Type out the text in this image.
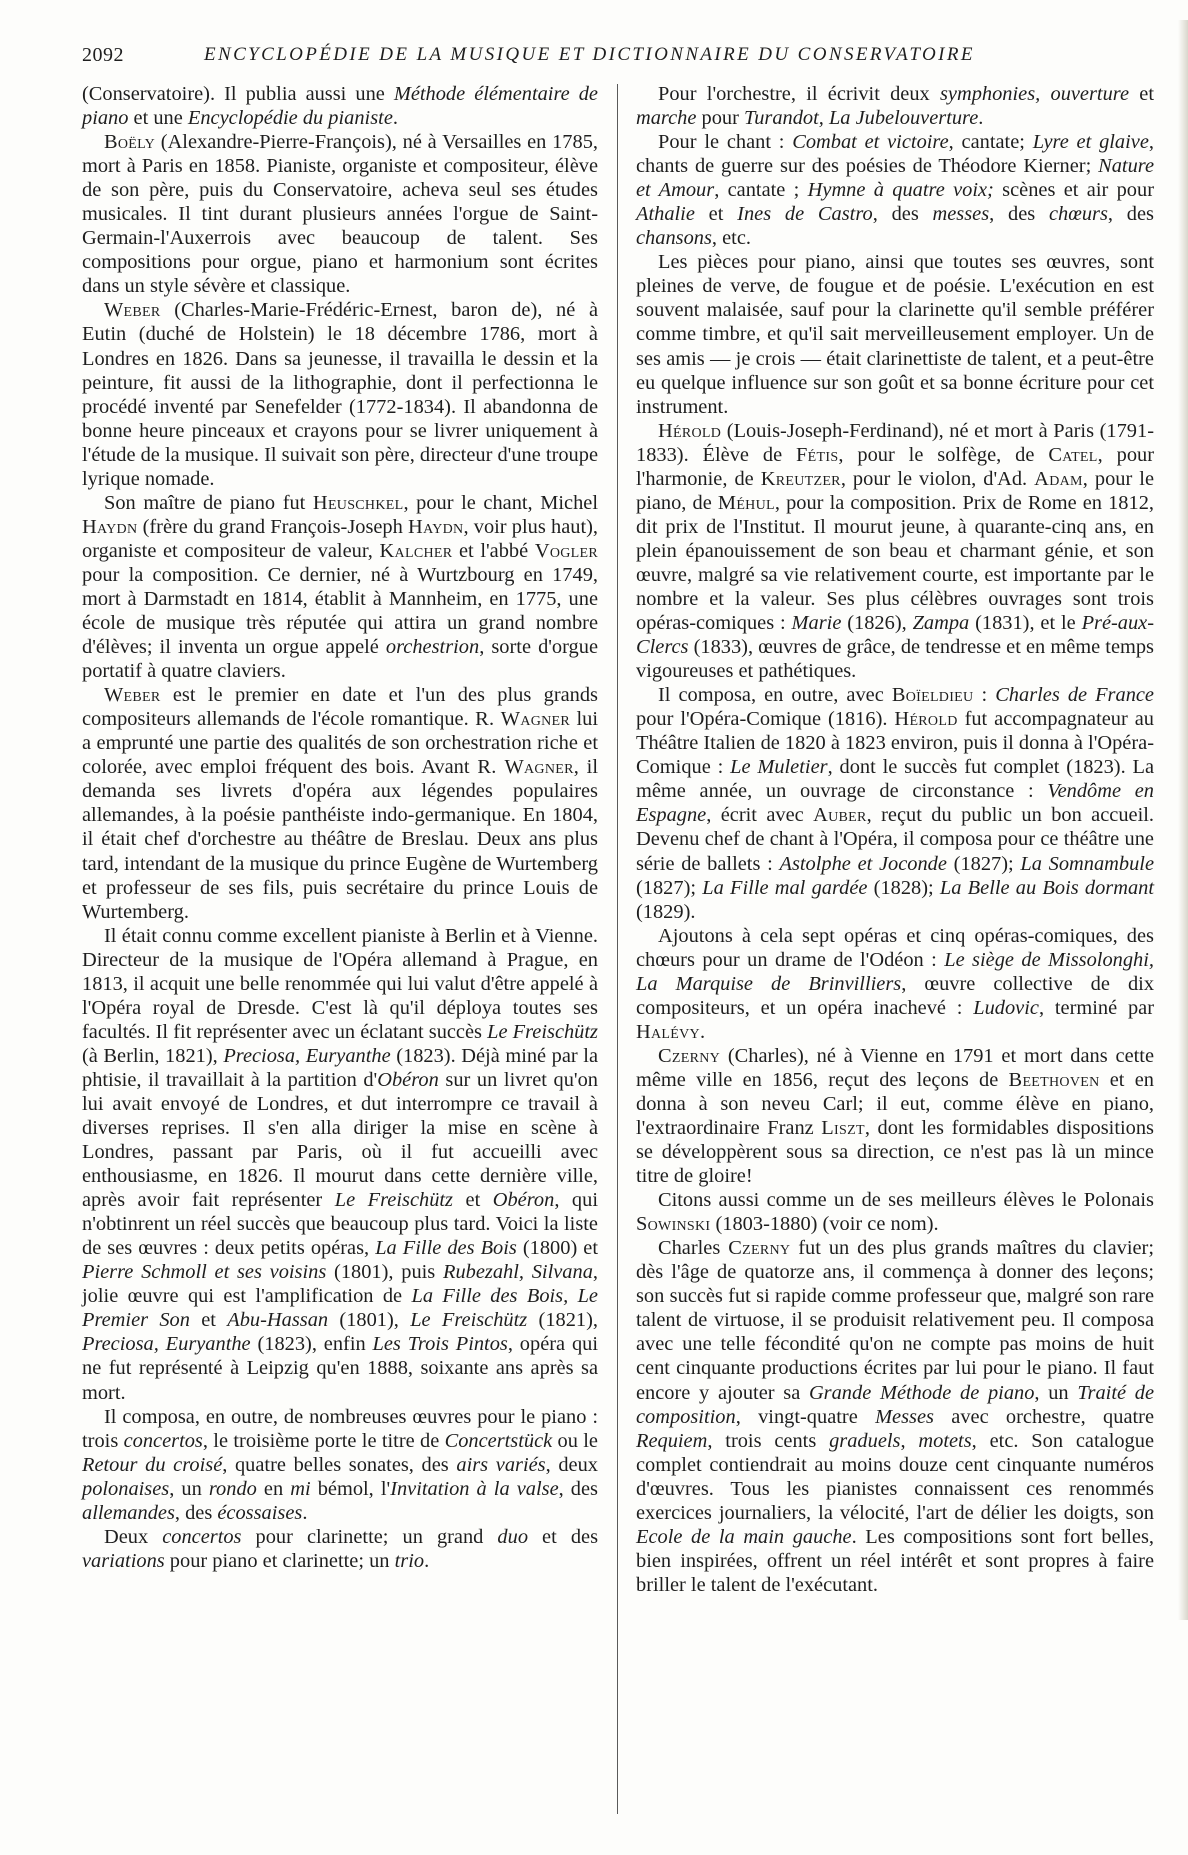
2092	ENCYCLOPÉDIE DE LA MUSIQUE ET DICTIONNAIRE DU CONSERVATOIRE

(Conservatoire). Il publia aussi une Méthode élémentaire de piano et une Encyclopédie du pianiste.

Boëly (Alexandre-Pierre-François), né à Versailles en 1785, mort à Paris en 1858. Pianiste, organiste et compositeur, élève de son père, puis du Conservatoire, acheva seul ses études musicales. Il tint durant plusieurs années l'orgue de Saint-Germain-l'Auxerrois avec beaucoup de talent. Ses compositions pour orgue, piano et harmonium sont écrites dans un style sévère et classique.

Weber (Charles-Marie-Frédéric-Ernest, baron de), né à Eutin (duché de Holstein) le 18 décembre 1786, mort à Londres en 1826. Dans sa jeunesse, il travailla le dessin et la peinture, fit aussi de la lithographie, dont il perfectionna le procédé inventé par Senefelder (1772-1834). Il abandonna de bonne heure pinceaux et crayons pour se livrer uniquement à l'étude de la musique. Il suivait son père, directeur d'une troupe lyrique nomade.

Son maître de piano fut Heuschkel, pour le chant, Michel Haydn (frère du grand François-Joseph Haydn, voir plus haut), organiste et compositeur de valeur, Kalcher et l'abbé Vogler pour la composition. Ce dernier, né à Wurtzbourg en 1749, mort à Darmstadt en 1814, établit à Mannheim, en 1775, une école de musique très réputée qui attira un grand nombre d'élèves; il inventa un orgue appelé orchestrion, sorte d'orgue portatif à quatre claviers.

Weber est le premier en date et l'un des plus grands compositeurs allemands de l'école romantique. R. Wagner lui a emprunté une partie des qualités de son orchestration riche et colorée, avec emploi fréquent des bois. Avant R. Wagner, il demanda ses livrets d'opéra aux légendes populaires allemandes, à la poésie panthéiste indo-germanique. En 1804, il était chef d'orchestre au théâtre de Breslau. Deux ans plus tard, intendant de la musique du prince Eugène de Wurtemberg et professeur de ses fils, puis secrétaire du prince Louis de Wurtemberg.

Il était connu comme excellent pianiste à Berlin et à Vienne. Directeur de la musique de l'Opéra allemand à Prague, en 1813, il acquit une belle renommée qui lui valut d'être appelé à l'Opéra royal de Dresde. C'est là qu'il déploya toutes ses facultés. Il fit représenter avec un éclatant succès Le Freischütz (à Berlin, 1821), Preciosa, Euryanthe (1823). Déjà miné par la phtisie, il travaillait à la partition d'Obéron sur un livret qu'on lui avait envoyé de Londres, et dut interrompre ce travail à diverses reprises. Il s'en alla diriger la mise en scène à Londres, passant par Paris, où il fut accueilli avec enthousiasme, en 1826. Il mourut dans cette dernière ville, après avoir fait représenter Le Freischütz et Obéron, qui n'obtinrent un réel succès que beaucoup plus tard. Voici la liste de ses œuvres : deux petits opéras, La Fille des Bois (1800) et Pierre Schmoll et ses voisins (1801), puis Rubezahl, Silvana, jolie œuvre qui est l'amplification de La Fille des Bois, Le Premier Son et Abu-Hassan (1801), Le Freischütz (1821), Preciosa, Euryanthe (1823), enfin Les Trois Pintos, opéra qui ne fut représenté à Leipzig qu'en 1888, soixante ans après sa mort.

Il composa, en outre, de nombreuses œuvres pour le piano : trois concertos, le troisième porte le titre de Concertstück ou le Retour du croisé, quatre belles sonates, des airs variés, deux polonaises, un rondo en mi bémol, l'Invitation à la valse, des allemandes, des écossaises.

Deux concertos pour clarinette; un grand duo et des variations pour piano et clarinette; un trio.

Pour l'orchestre, il écrivit deux symphonies, ouverture et marche pour Turandot, La Jubelouverture.

Pour le chant : Combat et victoire, cantate; Lyre et glaive, chants de guerre sur des poésies de Théodore Kierner; Nature et Amour, cantate ; Hymne à quatre voix; scènes et air pour Athalie et Ines de Castro, des messes, des chœurs, des chansons, etc.

Les pièces pour piano, ainsi que toutes ses œuvres, sont pleines de verve, de fougue et de poésie. L'exécution en est souvent malaisée, sauf pour la clarinette qu'il semble préférer comme timbre, et qu'il sait merveilleusement employer. Un de ses amis — je crois — était clarinettiste de talent, et a peut-être eu quelque influence sur son goût et sa bonne écriture pour cet instrument.

Hérold (Louis-Joseph-Ferdinand), né et mort à Paris (1791-1833). Élève de Fétis, pour le solfège, de Catel, pour l'harmonie, de Kreutzer, pour le violon, d'Ad. Adam, pour le piano, de Méhul, pour la composition. Prix de Rome en 1812, dit prix de l'Institut. Il mourut jeune, à quarante-cinq ans, en plein épanouissement de son beau et charmant génie, et son œuvre, malgré sa vie relativement courte, est importante par le nombre et la valeur. Ses plus célèbres ouvrages sont trois opéras-comiques : Marie (1826), Zampa (1831), et le Pré-aux-Clercs (1833), œuvres de grâce, de tendresse et en même temps vigoureuses et pathétiques.

Il composa, en outre, avec Boïeldieu : Charles de France pour l'Opéra-Comique (1816). Hérold fut accompagnateur au Théâtre Italien de 1820 à 1823 environ, puis il donna à l'Opéra-Comique : Le Muletier, dont le succès fut complet (1823). La même année, un ouvrage de circonstance : Vendôme en Espagne, écrit avec Auber, reçut du public un bon accueil. Devenu chef de chant à l'Opéra, il composa pour ce théâtre une série de ballets : Astolphe et Joconde (1827); La Somnambule (1827); La Fille mal gardée (1828); La Belle au Bois dormant (1829).

Ajoutons à cela sept opéras et cinq opéras-comiques, des chœurs pour un drame de l'Odéon : Le siège de Missolonghi, La Marquise de Brinvilliers, œuvre collective de dix compositeurs, et un opéra inachevé : Ludovic, terminé par Halévy.

Czerny (Charles), né à Vienne en 1791 et mort dans cette même ville en 1856, reçut des leçons de Beethoven et en donna à son neveu Carl; il eut, comme élève en piano, l'extraordinaire Franz Liszt, dont les formidables dispositions se développèrent sous sa direction, ce n'est pas là un mince titre de gloire!

Citons aussi comme un de ses meilleurs élèves le Polonais Sowinski (1803-1880) (voir ce nom).

Charles Czerny fut un des plus grands maîtres du clavier; dès l'âge de quatorze ans, il commença à donner des leçons; son succès fut si rapide comme professeur que, malgré son rare talent de virtuose, il se produisit relativement peu. Il composa avec une telle fécondité qu'on ne compte pas moins de huit cent cinquante productions écrites par lui pour le piano. Il faut encore y ajouter sa Grande Méthode de piano, un Traité de composition, vingt-quatre Messes avec orchestre, quatre Requiem, trois cents graduels, motets, etc. Son catalogue complet contiendrait au moins douze cent cinquante numéros d'œuvres. Tous les pianistes connaissent ces renommés exercices journaliers, la vélocité, l'art de délier les doigts, son Ecole de la main gauche. Les compositions sont fort belles, bien inspirées, offrent un réel intérêt et sont propres à faire briller le talent de l'exécutant.
